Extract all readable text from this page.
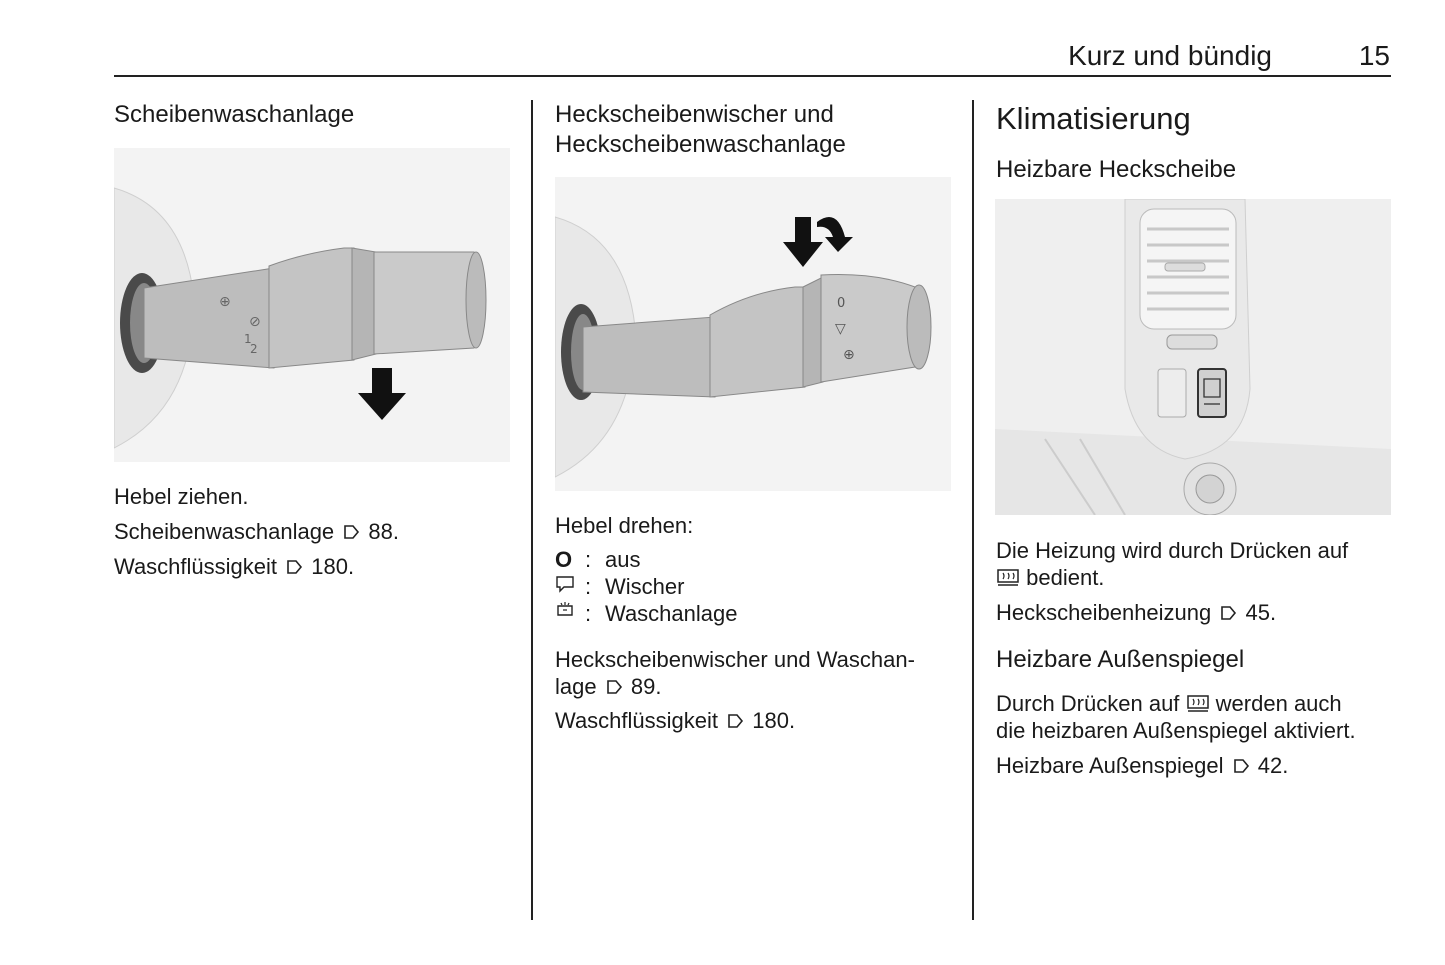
Kurz und bündig	15
Scheibenwaschanlage
⊕
⊘
1
2

Hebel ziehen.

Scheibenwaschanlage 88.

Waschflüssigkeit 180.

Heckscheibenwischer und
Heckscheibenwaschanlage
0
▽
⊕

Hebel drehen:

O : aus
: Wischer
: Waschanlage

Heckscheibenwischer und Waschan-

lage 89.

Waschflüssigkeit 180.

Klimatisierung
Heizbare Heckscheibe

Die Heizung wird durch Drücken auf

bedient.

Heckscheibenheizung 45.

Heizbare Außenspiegel

Durch Drücken auf werden auch

die heizbaren Außenspiegel aktiviert.

Heizbare Außenspiegel 42.
